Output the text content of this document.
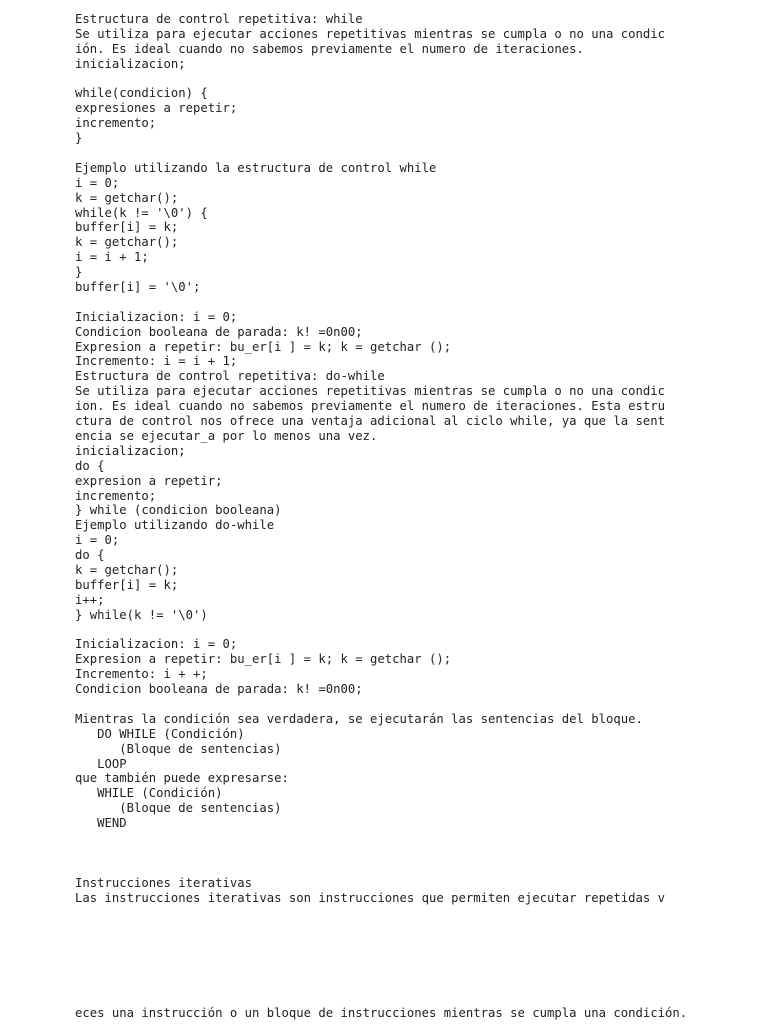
Estructura de control repetitiva: while
Se utiliza para ejecutar acciones repetitivas mientras se cumpla o no una condic
ión. Es ideal cuando no sabemos previamente el numero de iteraciones.
inicializacion;
while(condicion) {
expresiones a repetir;
incremento;
}
Ejemplo utilizando la estructura de control while
i = 0;
k = getchar();
while(k != '\0') {
buffer[i] = k;
k = getchar();
i = i + 1;
}
buffer[i] = '\0';
Inicializacion: i = 0;
Condicion booleana de parada: k! =0n00;
Expresion a repetir: bu_er[i ] = k; k = getchar ();
Incremento: i = i + 1;
Estructura de control repetitiva: do-while
Se utiliza para ejecutar acciones repetitivas mientras se cumpla o no una condic
ion. Es ideal cuando no sabemos previamente el numero de iteraciones. Esta estru
ctura de control nos ofrece una ventaja adicional al ciclo while, ya que la sent
encia se ejecutar_a por lo menos una vez.
inicializacion;
do {
expresion a repetir;
incremento;
} while (condicion booleana)
Ejemplo utilizando do-while
i = 0;
do {
k = getchar();
buffer[i] = k;
i++;
} while(k != '\0')
Inicializacion: i = 0;
Expresion a repetir: bu_er[i ] = k; k = getchar ();
Incremento: i + +;
Condicion booleana de parada: k! =0n00;
Mientras la condición sea verdadera, se ejecutarán las sentencias del bloque.
DO WHILE (Condición)
(Bloque de sentencias)
LOOP
que también puede expresarse:
WHILE (Condición)
(Bloque de sentencias)
WEND
Instrucciones iterativas
Las instrucciones iterativas son instrucciones que permiten ejecutar repetidas v
eces una instrucción o un bloque de instrucciones mientras se cumpla una condición.
